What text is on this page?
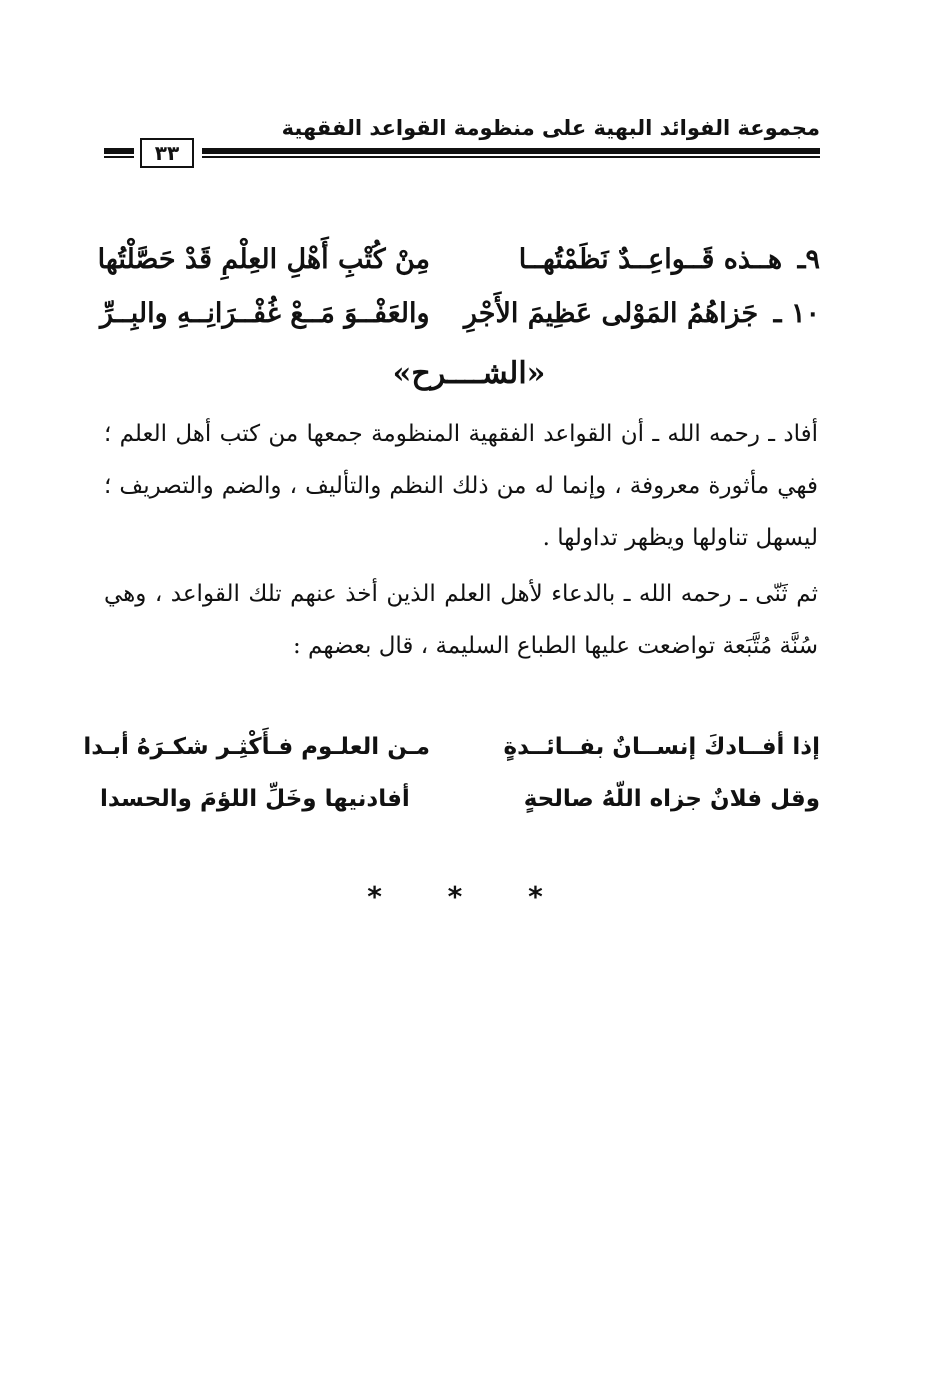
مجموعة الفوائد البهية على منظومة القواعد الفقهية
٣٣
٩ـ هــذه قَــواعِــدٌ نَظَمْتُهــا
مِنْ كُتْبِ أَهْلِ العِلْمِ قَدْ حَصَّلْتُها
١٠ ـ جَزاهُمُ المَوْلى عَظِيمَ الأَجْرِ
والعَفْــوَ مَــعْ غُفْــرَانِــهِ والبِــرِّ
«الشــــرح»
أفاد ـ رحمه الله ـ أن القواعد الفقهية المنظومة جمعها من كتب أهل العلم ؛ فهي مأثورة معروفة ، وإنما له من ذلك النظم والتأليف ، والضم والتصريف ؛ ليسهل تناولها ويظهر تداولها .
ثم ثَنّى ـ رحمه الله ـ بالدعاء لأهل العلم الذين أخذ عنهم تلك القواعد ، وهي سُنَّة مُتَّبَعة تواضعت عليها الطباع السليمة ، قال بعضهم :
إذا أفــادكَ إنســانٌ بفــائــدةٍ
مـن العلـوم فـأَكْثِـر شكـرَهُ أبـدا
وقل فلانٌ جزاه اللّهُ صالحةٍ
أفادنيها وخَلِّ اللؤمَ والحسدا
* * *
